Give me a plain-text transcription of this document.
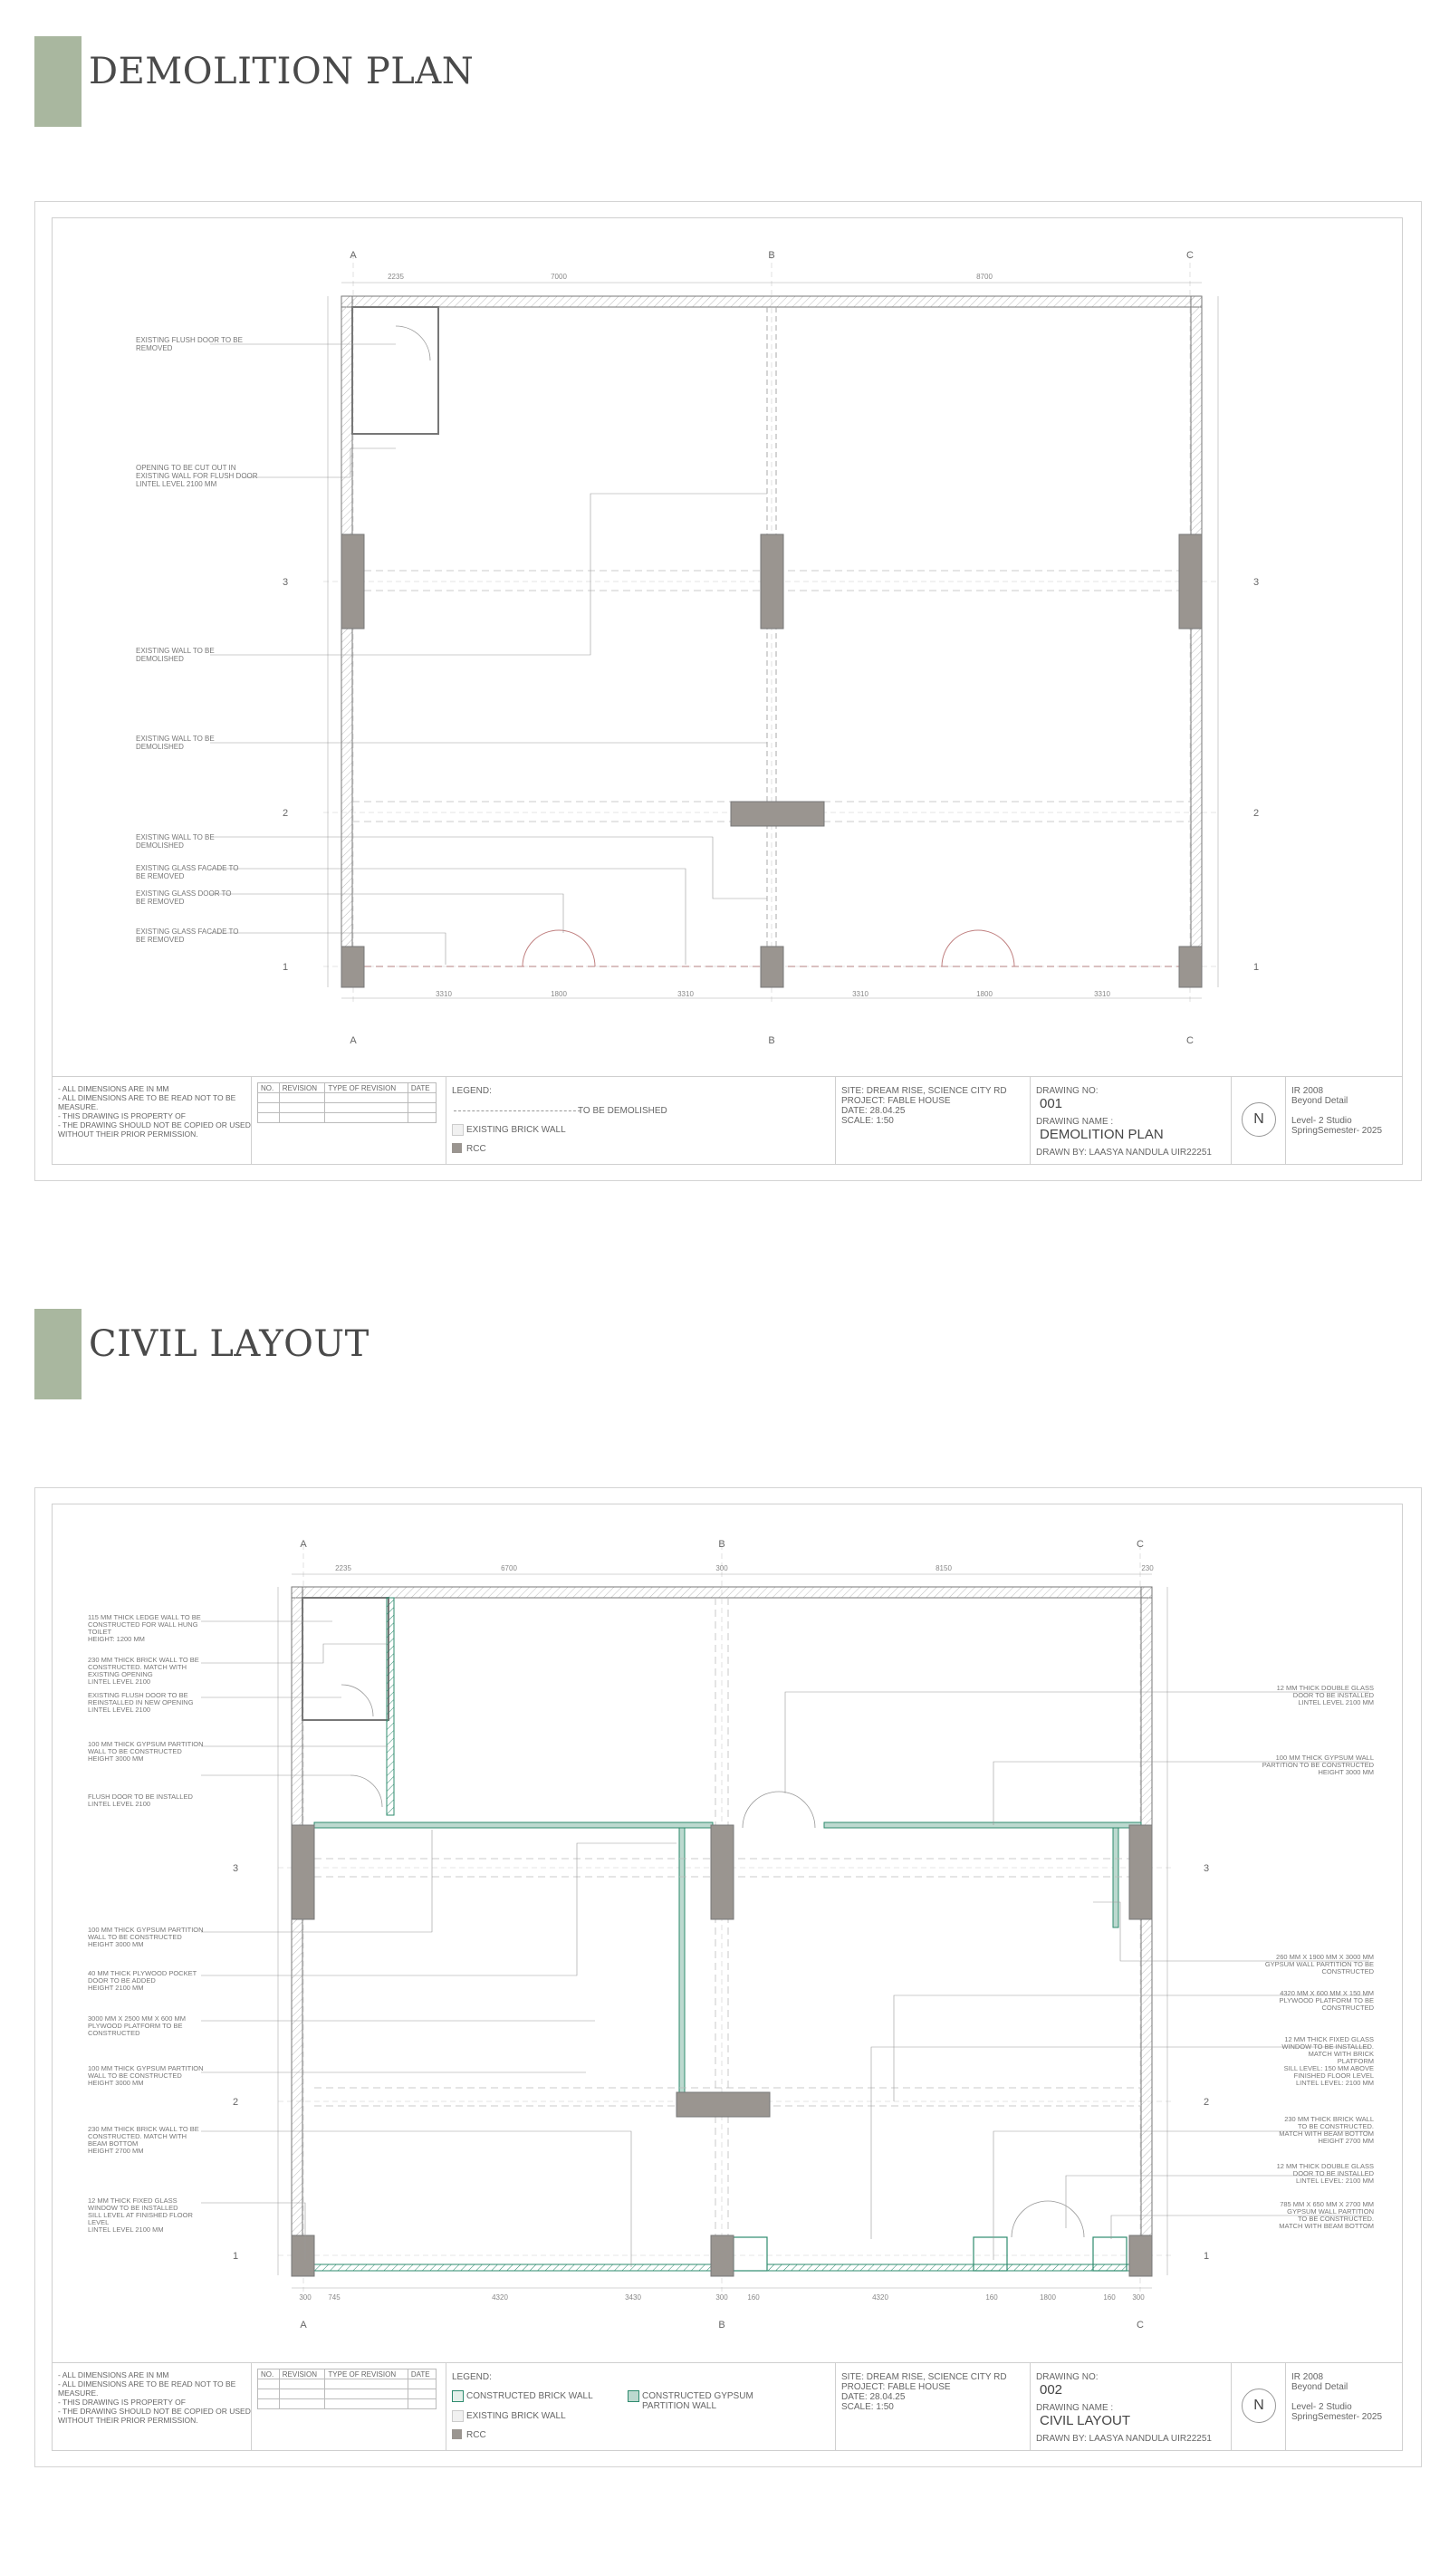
DEMOLITION PLAN
EXISTING FLUSH DOOR TO BE
REMOVED
OPENING TO BE CUT OUT IN
EXISTING WALL FOR FLUSH DOOR
LINTEL LEVEL 2100 MM
EXISTING WALL TO BE
DEMOLISHED
EXISTING WALL TO BE
DEMOLISHED
EXISTING WALL TO BE
DEMOLISHED
EXISTING GLASS FACADE TO
BE REMOVED
EXISTING GLASS DOOR TO
BE REMOVED
EXISTING GLASS FACADE TO
BE REMOVED
A	B	C
A	B	C
3
2
1
3
2
1
2235	7000	8700
3310	1800	3310	3310	1800	3310
- ALL DIMENSIONS ARE IN MM
- ALL DIMENSIONS ARE TO BE READ NOT TO BE
MEASURE.
- THIS DRAWING IS PROPERTY OF
- THE DRAWING SHOULD NOT BE COPIED OR USED
WITHOUT THEIR PRIOR PERMISSION.
NO.	REVISION	TYPE OF REVISION	DATE

			LEGEND:
TO BE DEMOLISHED
EXISTING BRICK WALL
RCC
SITE: DREAM RISE, SCIENCE CITY RD
PROJECT: FABLE HOUSE
DATE: 28.04.25
SCALE: 1:50
DRAWING NO:
001
DRAWING NAME :
DEMOLITION PLAN
DRAWN BY: LAASYA NANDULA UIR22251
N
IR 2008
Beyond Detail

Level- 2 Studio
SpringSemester- 2025
CIVIL LAYOUT
115 MM THICK LEDGE WALL TO BE
CONSTRUCTED FOR WALL HUNG
TOILET
HEIGHT: 1200 MM
230 MM THICK BRICK WALL TO BE
CONSTRUCTED. MATCH WITH
EXISTING OPENING
LINTEL LEVEL 2100
EXISTING FLUSH DOOR TO BE
REINSTALLED IN NEW OPENING
LINTEL LEVEL 2100
100 MM THICK GYPSUM PARTITION
WALL TO BE CONSTRUCTED
HEIGHT 3000 MM
FLUSH DOOR TO BE INSTALLED
LINTEL LEVEL 2100
100 MM THICK GYPSUM PARTITION
WALL TO BE CONSTRUCTED
HEIGHT 3000 MM
40 MM THICK PLYWOOD POCKET
DOOR TO BE ADDED
HEIGHT 2100 MM
3000 MM X 2500 MM X 600 MM
PLYWOOD PLATFORM TO BE
CONSTRUCTED
100 MM THICK GYPSUM PARTITION
WALL TO BE CONSTRUCTED
HEIGHT 3000 MM
230 MM THICK BRICK WALL TO BE
CONSTRUCTED. MATCH WITH
BEAM BOTTOM
HEIGHT 2700 MM
12 MM THICK FIXED GLASS
WINDOW TO BE INSTALLED
SILL LEVEL AT FINISHED FLOOR
LEVEL
LINTEL LEVEL 2100 MM
12 MM THICK DOUBLE GLASS
DOOR TO BE INSTALLED
LINTEL LEVEL 2100 MM
100 MM THICK GYPSUM WALL
PARTITION TO BE CONSTRUCTED
HEIGHT 3000 MM
260 MM X 1900 MM X 3000 MM
GYPSUM WALL PARTITION TO BE
CONSTRUCTED
4320 MM X 600 MM X 150 MM
PLYWOOD PLATFORM TO BE
CONSTRUCTED
12 MM THICK FIXED GLASS
WINDOW TO BE INSTALLED.
MATCH WITH BRICK
PLATFORM
SILL LEVEL: 150 MM ABOVE
FINISHED FLOOR LEVEL
LINTEL LEVEL: 2100 MM
230 MM THICK BRICK WALL
TO BE CONSTRUCTED.
MATCH WITH BEAM BOTTOM
HEIGHT 2700 MM
12 MM THICK DOUBLE GLASS
DOOR TO BE INSTALLED
LINTEL LEVEL: 2100 MM
785 MM X 650 MM X 2700 MM
GYPSUM WALL PARTITION
TO BE CONSTRUCTED.
MATCH WITH BEAM BOTTOM
A	B	C
A	B	C
3
2
1
3
2
1
2235	6700	300	8150	230
300 745	4320	3430	300	160	4320	160	1800	160 300
- ALL DIMENSIONS ARE IN MM
- ALL DIMENSIONS ARE TO BE READ NOT TO BE
MEASURE.
- THIS DRAWING IS PROPERTY OF
- THE DRAWING SHOULD NOT BE COPIED OR USED
WITHOUT THEIR PRIOR PERMISSION.
NO.	REVISION	TYPE OF REVISION	DATE

			LEGEND:
CONSTRUCTED BRICK WALL
EXISTING BRICK WALL
RCC
CONSTRUCTED GYPSUM
PARTITION WALL
SITE: DREAM RISE, SCIENCE CITY RD
PROJECT: FABLE HOUSE
DATE: 28.04.25
SCALE: 1:50
DRAWING NO:
002
DRAWING NAME :
CIVIL LAYOUT
DRAWN BY: LAASYA NANDULA UIR22251
N
IR 2008
Beyond Detail

Level- 2 Studio
SpringSemester- 2025
